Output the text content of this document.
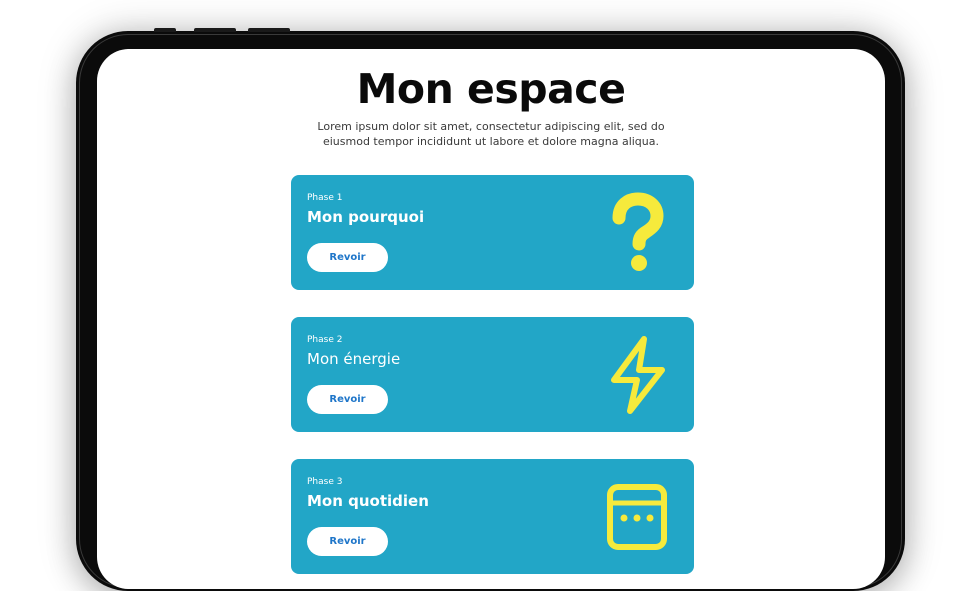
Mon espace

Lorem ipsum dolor sit amet, consectetur adipiscing elit, sed do eiusmod tempor incididunt ut labore et dolore magna aliqua.

Phase 1
Mon pourquoi
Revoir
Phase 2
Mon énergie
Revoir
Phase 3
Mon quotidien
Revoir
